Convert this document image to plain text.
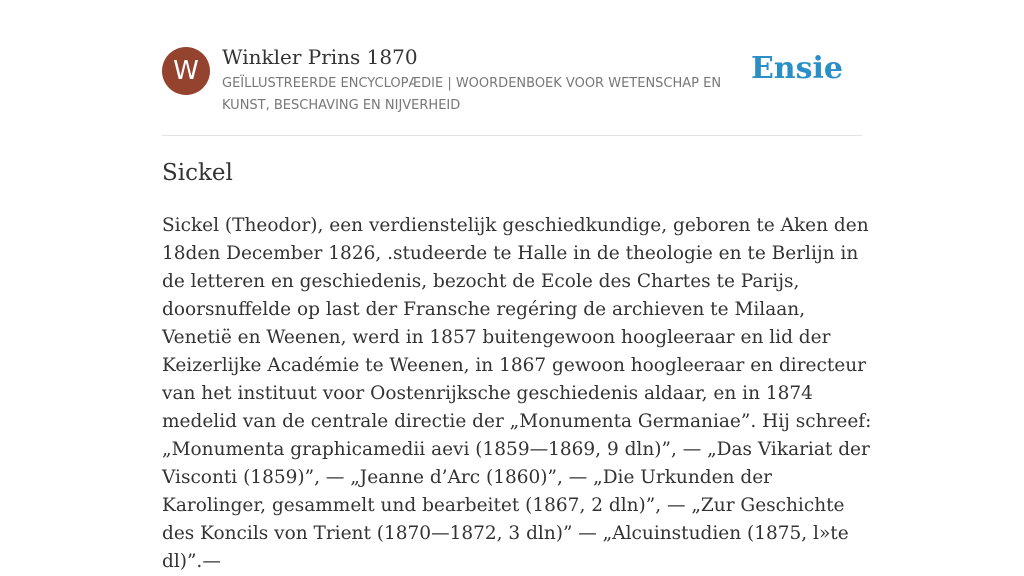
W	Winkler Prins 1870
GEÏLLUSTREERDE ENCYCLOPÆDIE | WOORDENBOEK VOOR WETENSCHAP EN KUNST, BESCHAVING EN NIJVERHEID
Ensie
Sickel

Sickel (Theodor), een verdienstelijk geschiedkundige, geboren te Aken den 18den December 1826, .studeerde te Halle in de theologie en te Berlijn in de letteren en geschiedenis, bezocht de Ecole des Chartes te Parijs, doorsnuffelde op last der Fransche regéring de archieven te Milaan, Venetië en Weenen, werd in 1857 buitengewoon hoogleeraar en lid der Keizerlijke Académie te Weenen, in 1867 gewoon hoogleeraar en directeur van het instituut voor Oostenrijksche geschiedenis aldaar, en in 1874 medelid van de centrale directie der „Monumenta Germaniae”. Hij schreef: „Monumenta graphicamedii aevi (1859—1869, 9 dln)”, — „Das Vikariat der Visconti (1859)”, — „Jeanne d’Arc (1860)”, — „Die Urkunden der Karolinger, gesammelt und bearbeitet (1867, 2 dln)”, — „Zur Geschichte des Koncils von Trient (1870—1872, 3 dln)” — „Alcuinstudien (1875, l»te dl)”.—
